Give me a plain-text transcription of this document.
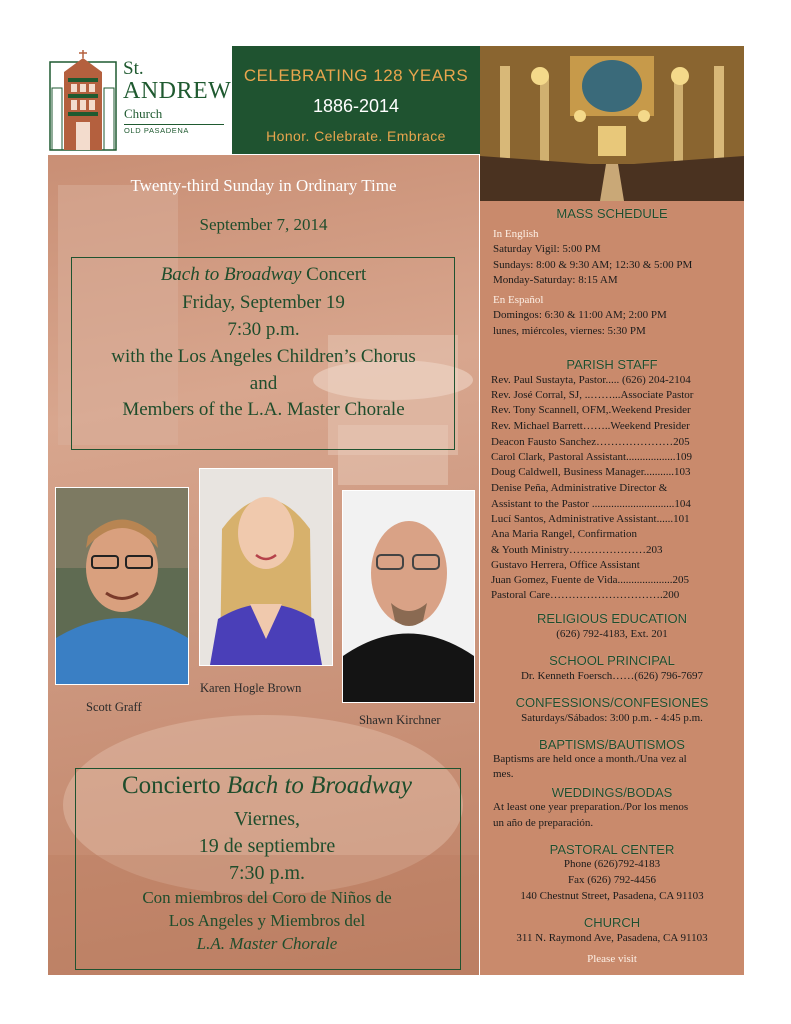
St.
ANDREW
Church
OLD PASADENA
CELEBRATING 128 YEARS
1886-2014
Honor. Celebrate. Embrace
Twenty-third Sunday in Ordinary Time
September 7, 2014
Bach to Broadway Concert
Friday, September 19
7:30 p.m.
with the Los Angeles Children’s Chorus
and
Members of the L.A. Master Chorale
Scott Graff
Karen Hogle Brown
Shawn Kirchner
Concierto Bach to Broadway
Viernes,
19 de septiembre
7:30 p.m.
Con miembros del Coro de Niños de
Los Angeles y Miembros del
L.A. Master Chorale
MASS SCHEDULE
In English
Saturday Vigil: 5:00 PM
Sundays: 8:00 & 9:30 AM; 12:30 & 5:00 PM
Monday-Saturday: 8:15 AM
En Español
Domingos: 6:30 & 11:00 AM; 2:00 PM
lunes, miércoles, viernes: 5:30 PM
PARISH STAFF
Rev. Paul Sustayta, Pastor..... (626) 204-2104
Rev. José Corral, SJ, ..……...Associate Pastor
Rev. Tony Scannell, OFM,.Weekend Presider
Rev. Michael Barrett……..Weekend Presider
Deacon Fausto Sanchez…………………205
Carol Clark, Pastoral Assistant..................109
Doug Caldwell, Business Manager...........103
Denise Peña, Administrative Director &
Assistant to the Pastor ..............................104
Lucí Santos, Administrative Assistant......101
Ana Maria Rangel, Confirmation
& Youth Ministry…………………203
Gustavo Herrera, Office Assistant
Juan Gomez, Fuente de Vida....................205
Pastoral Care………………………….200
RELIGIOUS EDUCATION
(626) 792-4183, Ext. 201
SCHOOL PRINCIPAL
Dr. Kenneth Foersch……(626) 796-7697
CONFESSIONS/CONFESIONES
Saturdays/Sábados: 3:00 p.m. - 4:45 p.m.
BAPTISMS/BAUTISMOS
Baptisms are held once a month./Una vez al
mes.
WEDDINGS/BODAS
At least one year preparation./Por los menos
un año de preparación.
PASTORAL CENTER
Phone (626)792-4183
Fax (626) 792-4456
140 Chestnut Street, Pasadena, CA 91103
CHURCH
311 N. Raymond Ave, Pasadena, CA 91103
Please visit
